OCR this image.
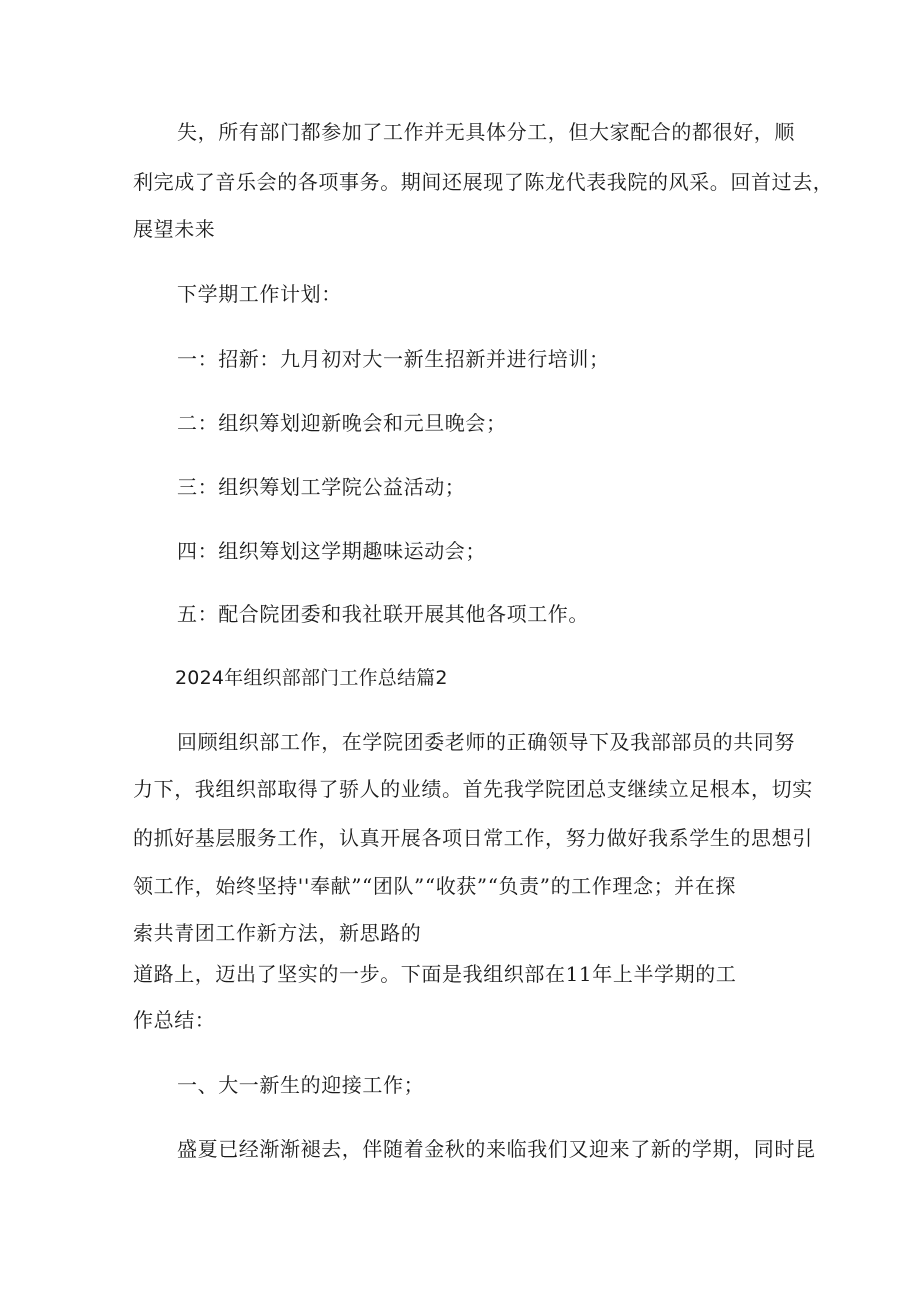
失，所有部门都参加了工作并无具体分工，但大家配合的都很好，顺
利完成了音乐会的各项事务。期间还展现了陈龙代表我院的风采。回首过去，
展望未来
下学期工作计划：
一：招新：九月初对大一新生招新并进行培训；
二：组织筹划迎新晚会和元旦晚会；
三：组织筹划工学院公益活动；
四：组织筹划这学期趣味运动会；
五：配合院团委和我社联开展其他各项工作。
2024年组织部部门工作总结篇2
回顾组织部工作，在学院团委老师的正确领导下及我部部员的共同努
力下，我组织部取得了骄人的业绩。首先我学院团总支继续立足根本，切实
的抓好基层服务工作，认真开展各项日常工作，努力做好我系学生的思想引
领工作，始终坚持''奉献”“团队”“收获”“负责”的工作理念；并在探
索共青团工作新方法，新思路的
道路上，迈出了坚实的一步。下面是我组织部在11年上半学期的工
作总结：
一、大一新生的迎接工作；
盛夏已经渐渐褪去，伴随着金秋的来临我们又迎来了新的学期，同时昆
